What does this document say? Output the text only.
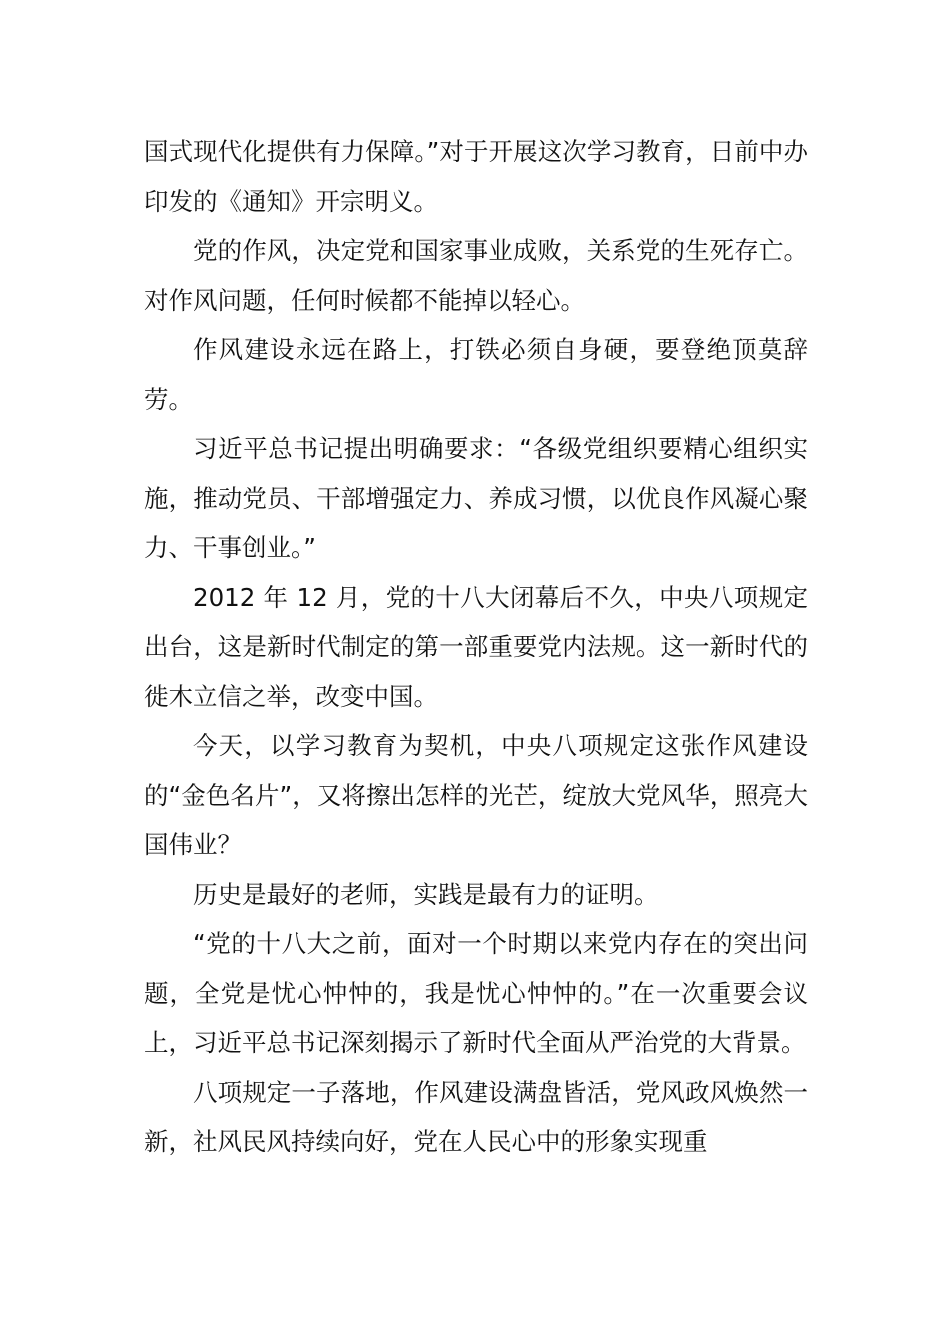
国式现代化提供有力保障。”对于开展这次学习教育，日前中办印发的《通知》开宗明义。

党的作风，决定党和国家事业成败，关系党的生死存亡。对作风问题，任何时候都不能掉以轻心。

作风建设永远在路上，打铁必须自身硬，要登绝顶莫辞劳。

习近平总书记提出明确要求：“各级党组织要精心组织实施，推动党员、干部增强定力、养成习惯，以优良作风凝心聚力、干事创业。”

2012 年 12 月，党的十八大闭幕后不久，中央八项规定出台，这是新时代制定的第一部重要党内法规。这一新时代的徙木立信之举，改变中国。

今天，以学习教育为契机，中央八项规定这张作风建设的“金色名片”，又将擦出怎样的光芒，绽放大党风华，照亮大国伟业？

历史是最好的老师，实践是最有力的证明。

“党的十八大之前，面对一个时期以来党内存在的突出问题，全党是忧心忡忡的，我是忧心忡忡的。”在一次重要会议上，习近平总书记深刻揭示了新时代全面从严治党的大背景。

八项规定一子落地，作风建设满盘皆活，党风政风焕然一新，社风民风持续向好，党在人民心中的形象实现重
